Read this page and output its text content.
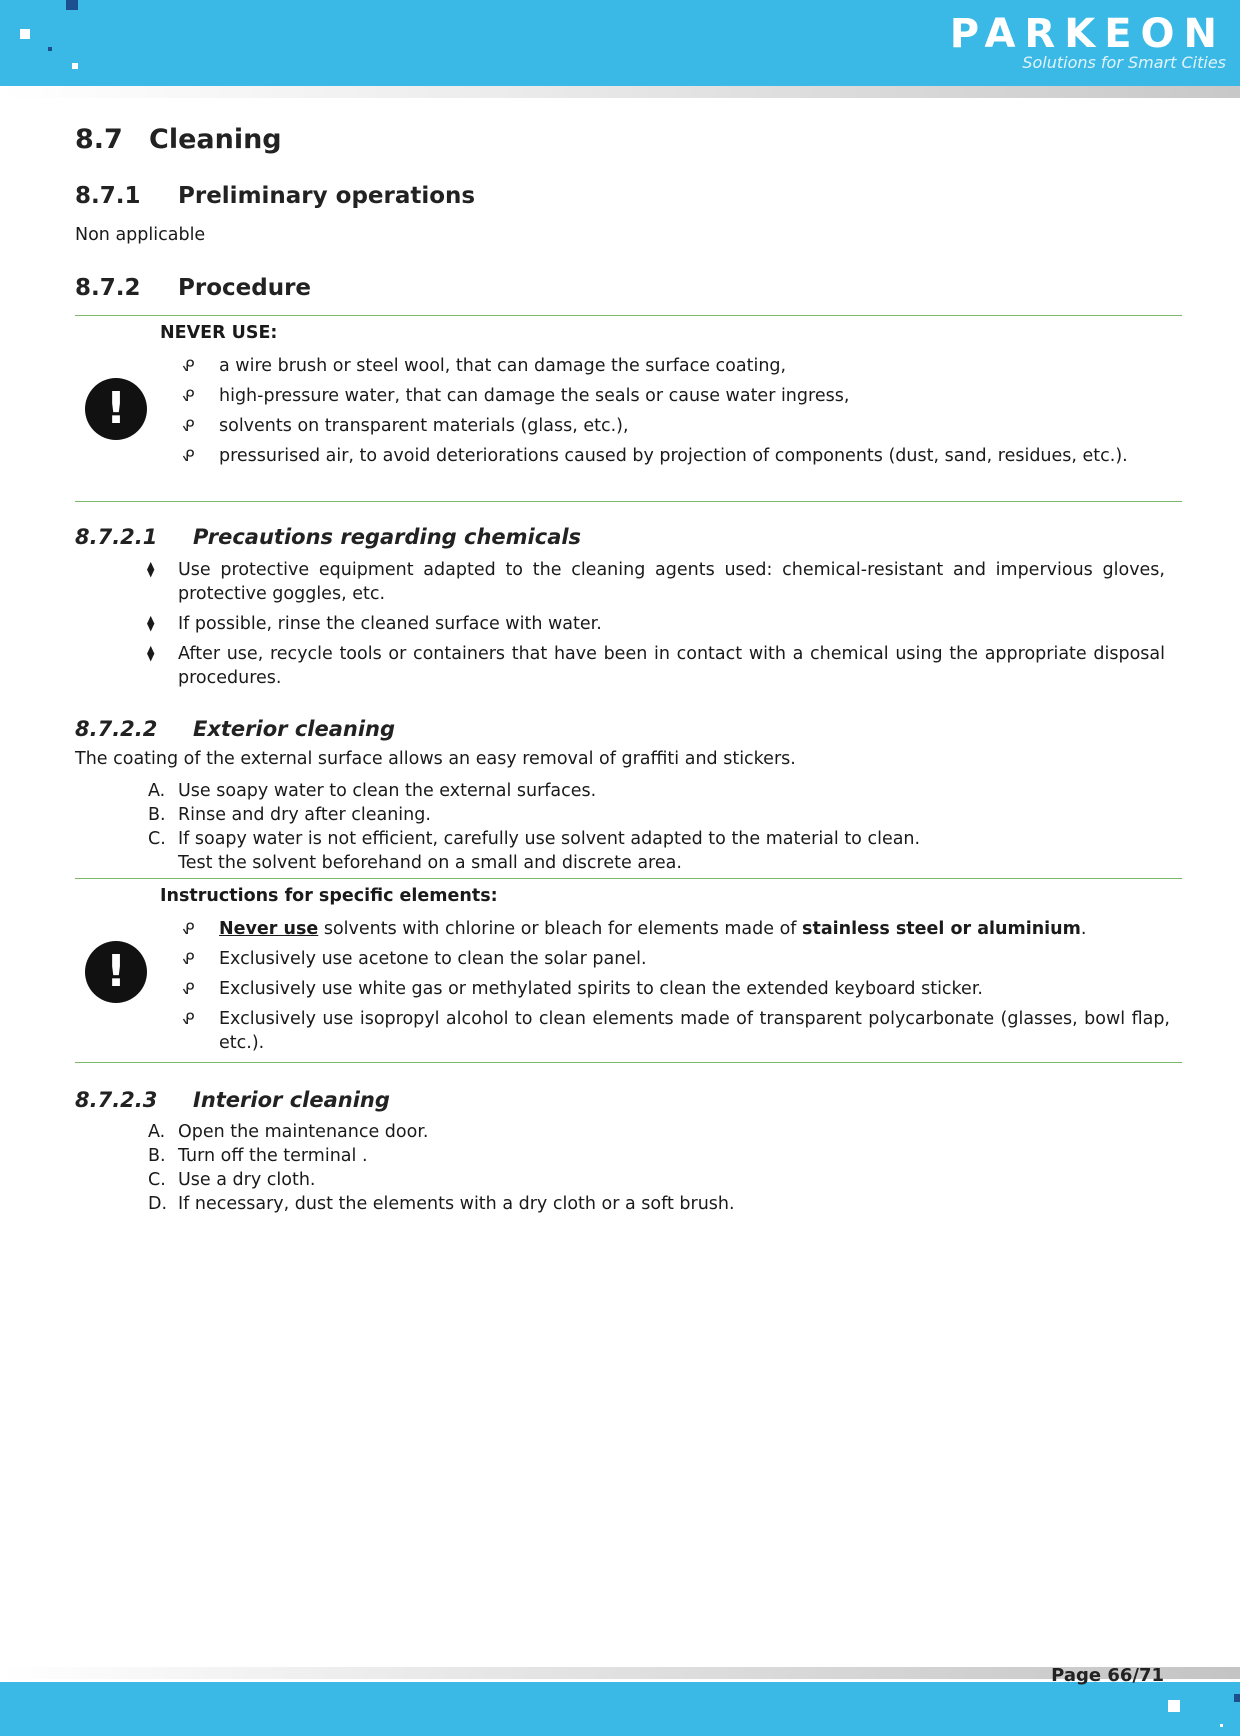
PARKEON
Solutions for Smart Cities
8.7 Cleaning
8.7.1 Preliminary operations

Non applicable

8.7.2 Procedure
!
NEVER USE:
ᕵ a wire brush or steel wool, that can damage the surface coating,
ᕵ high-pressure water, that can damage the seals or cause water ingress,
ᕵ solvents on transparent materials (glass, etc.),
ᕵ pressurised air, to avoid deteriorations caused by projection of components (dust, sand, residues, etc.).
8.7.2.1 Precautions regarding chemicals
⧫ Use protective equipment adapted to the cleaning agents used: chemical-resistant and impervious gloves, protective goggles, etc.
⧫ If possible, rinse the cleaned surface with water.
⧫ After use, recycle tools or containers that have been in contact with a chemical using the appropriate disposal procedures.
8.7.2.2 Exterior cleaning

The coating of the external surface allows an easy removal of graffiti and stickers.

A. Use soapy water to clean the external surfaces.
B. Rinse and dry after cleaning.
C. If soapy water is not efficient, carefully use solvent adapted to the material to clean.
Test the solvent beforehand on a small and discrete area.
!
Instructions for specific elements:
ᕵ Never use solvents with chlorine or bleach for elements made of stainless steel or aluminium.
ᕵ Exclusively use acetone to clean the solar panel.
ᕵ Exclusively use white gas or methylated spirits to clean the extended keyboard sticker.
ᕵ Exclusively use isopropyl alcohol to clean elements made of transparent polycarbonate (glasses, bowl flap, etc.).
8.7.2.3 Interior cleaning
A. Open the maintenance door.
B. Turn off the terminal .
C. Use a dry cloth.
D. If necessary, dust the elements with a dry cloth or a soft brush.
Page 66/71
